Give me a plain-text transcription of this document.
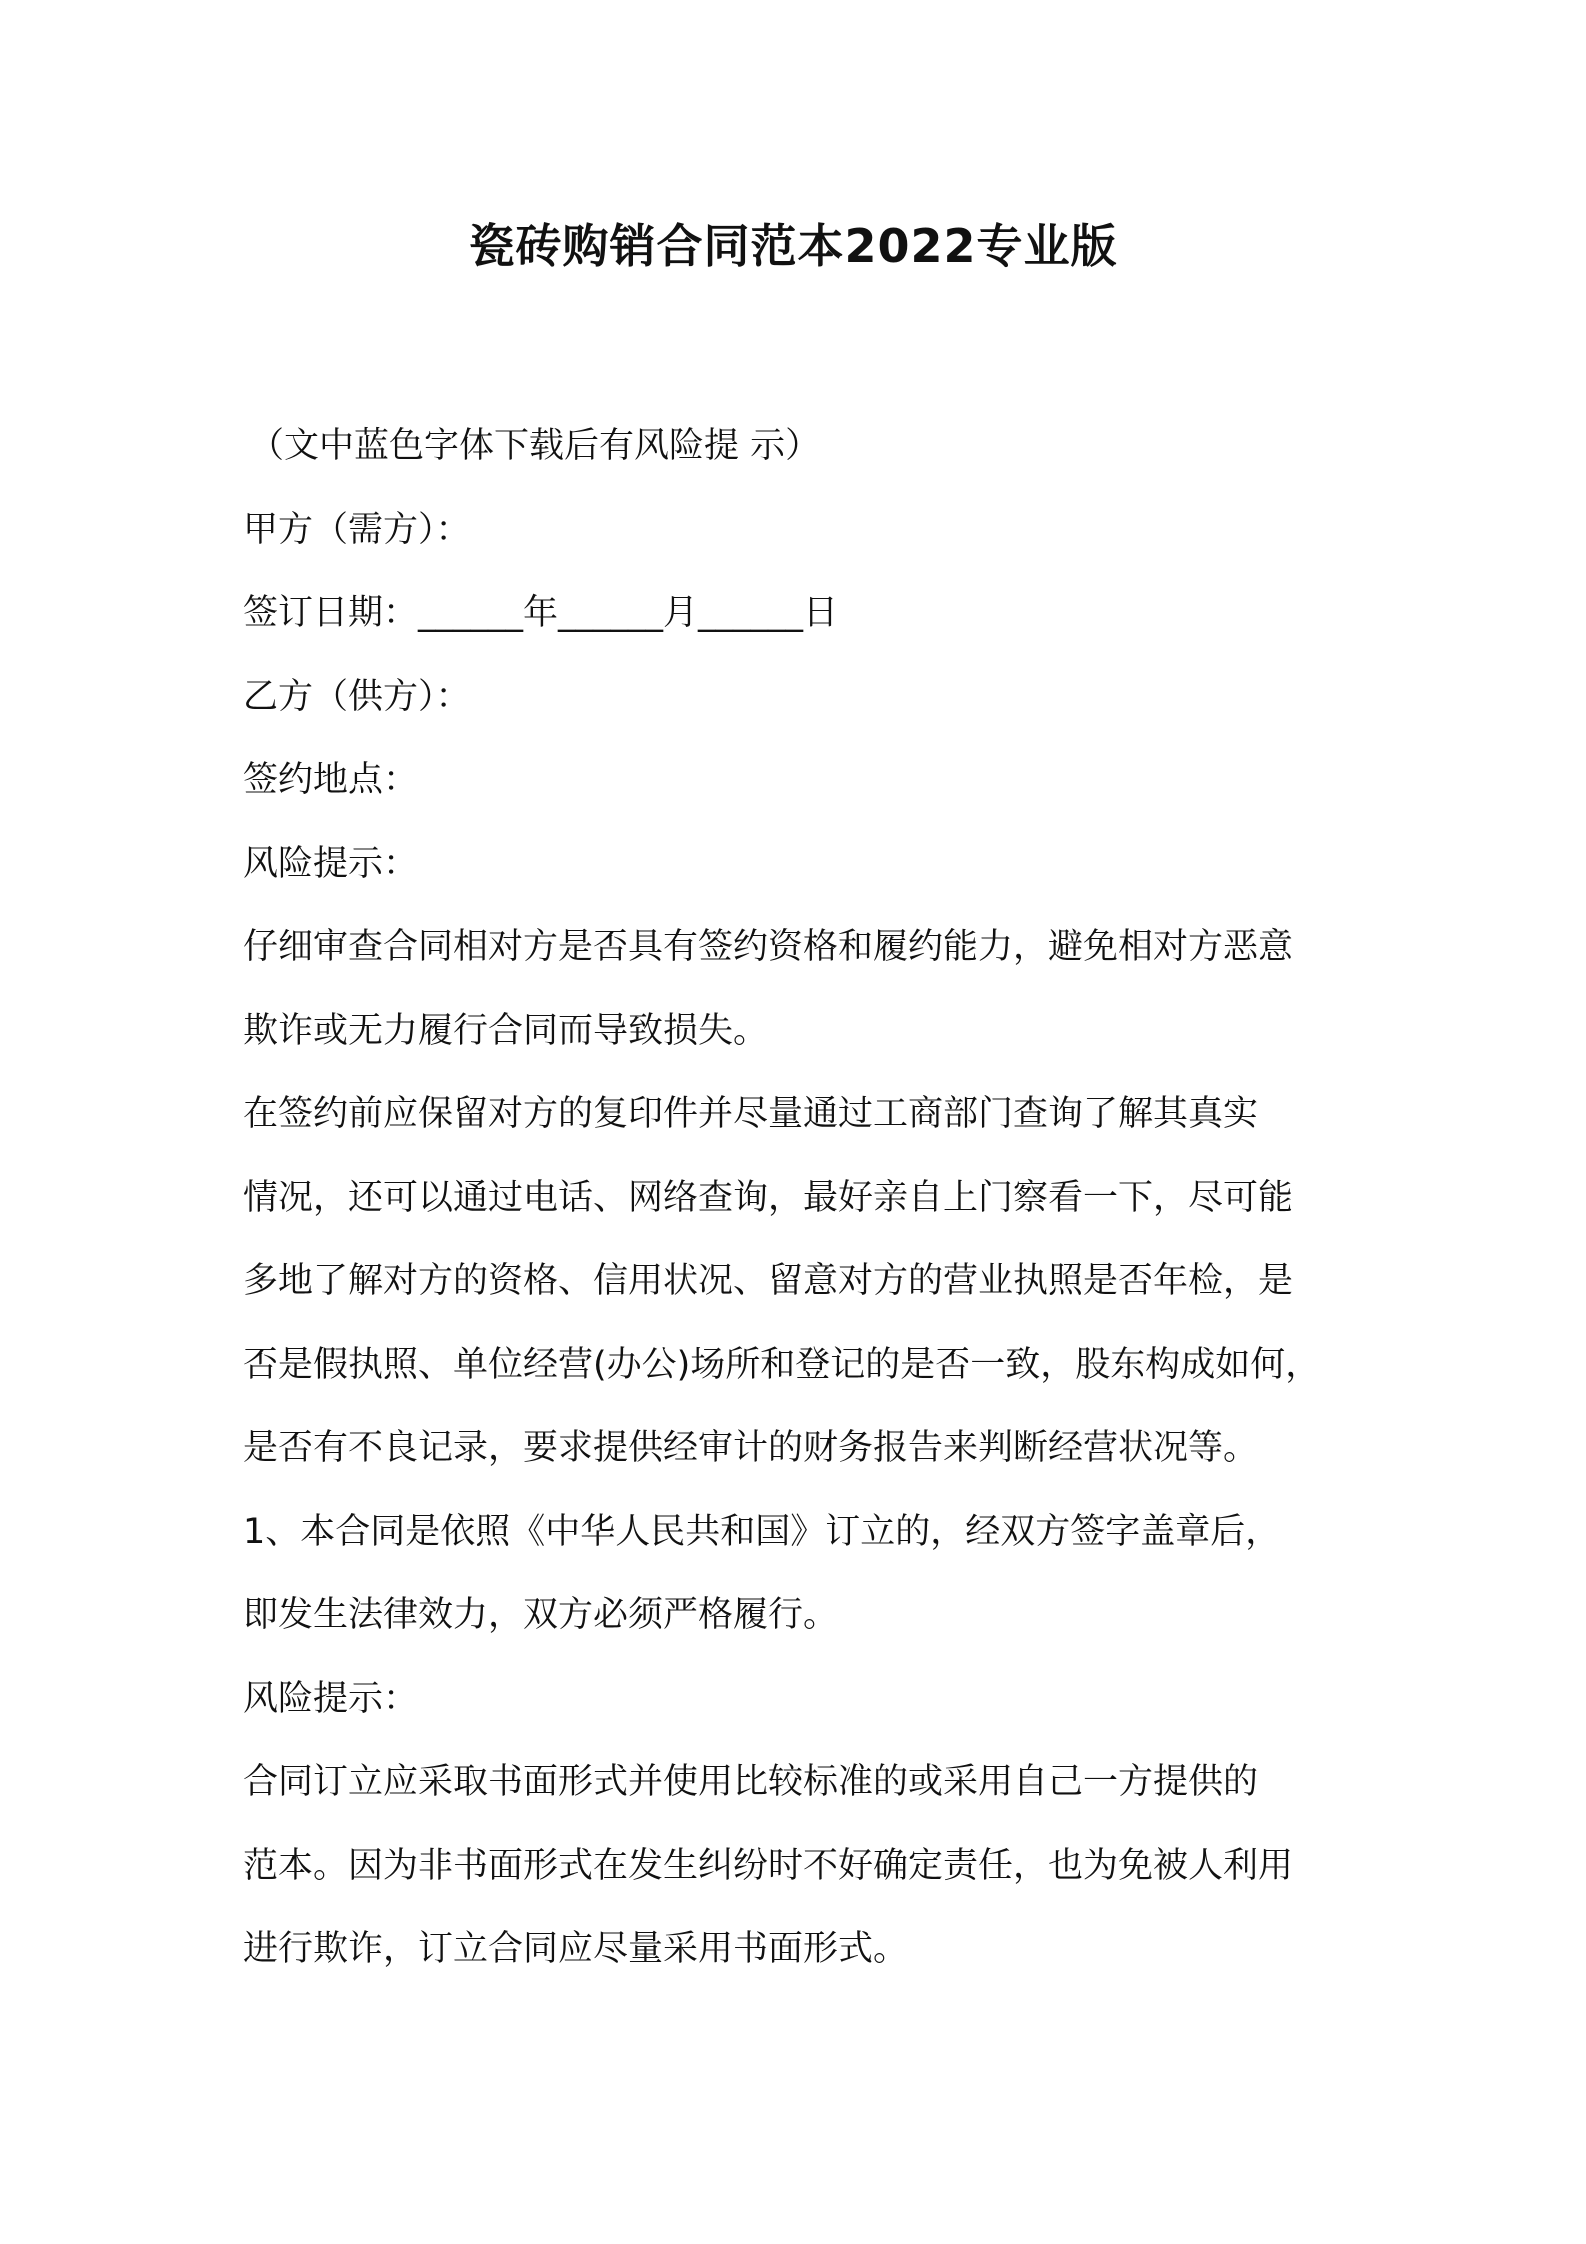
瓷砖购销合同范本2022专业版
（文中蓝色字体下载后有风险提 示）
甲方（需方）：
签订日期：______年______月______日
乙方（供方）：
签约地点：
风险提示：
仔细审查合同相对方是否具有签约资格和履约能力，避免相对方恶意
欺诈或无力履行合同而导致损失。
在签约前应保留对方的复印件并尽量通过工商部门查询了解其真实
情况，还可以通过电话、网络查询，最好亲自上门察看一下，尽可能
多地了解对方的资格、信用状况、留意对方的营业执照是否年检，是
否是假执照、单位经营(办公)场所和登记的是否一致，股东构成如何，
是否有不良记录，要求提供经审计的财务报告来判断经营状况等。
1、本合同是依照《中华人民共和国》订立的，经双方签字盖章后，
即发生法律效力，双方必须严格履行。
风险提示：
合同订立应采取书面形式并使用比较标准的或采用自己一方提供的
范本。因为非书面形式在发生纠纷时不好确定责任，也为免被人利用
进行欺诈，订立合同应尽量采用书面形式。
